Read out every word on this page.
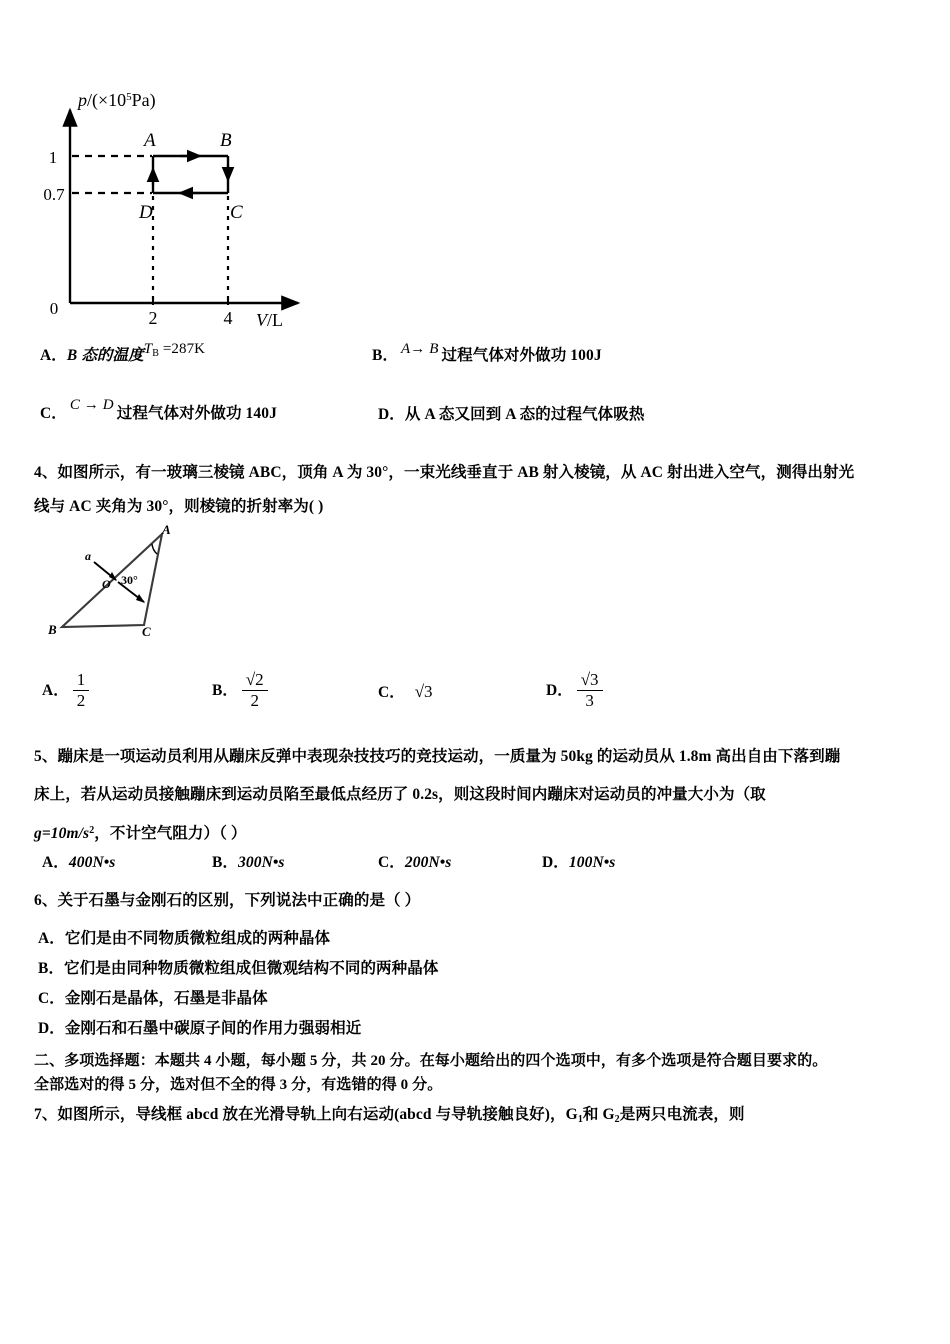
A	B
C
D
1
0.7
0	2	4
$p/(\times 10^5Pa)$
V/L
A．B 态的温度$T_B =287K$	B． A→ B 过程气体对外做功 100J
C． C → D 过程气体对外做功 140J	D．从 A 态又回到 A 态的过程气体吸热
4、如图所示，有一玻璃三棱镜 ABC，顶角 A 为 30°，一束光线垂直于 AB 射入棱镜，从 AC 射出进入空气，测得出射光
线与 AC 夹角为 30°，则棱镜的折射率为( )
A
B	C
O
a
30°
A． $\frac{1}{2}$	B． $\frac{√2}{2}$	C． √3	D． $\frac{√3}{3}$
5、蹦床是一项运动员利用从蹦床反弹中表现杂技技巧的竞技运动，一质量为 50kg 的运动员从 1.8m 高出自由下落到蹦
床上，若从运动员接触蹦床到运动员陷至最低点经历了 0.2s，则这段时间内蹦床对运动员的冲量大小为（取
$g=10m/s^2$，不计空气阻力）（ ）
A．400N•s	B．300N•s	C．200N•s	D．100N•s
6、关于石墨与金刚石的区别，下列说法中正确的是（ ）
A．它们是由不同物质微粒组成的两种晶体
B．它们是由同种物质微粒组成但微观结构不同的两种晶体
C．金刚石是晶体，石墨是非晶体
D．金刚石和石墨中碳原子间的作用力强弱相近
二、多项选择题：本题共 4 小题，每小题 5 分，共 20 分。在每小题给出的四个选项中，有多个选项是符合题目要求的。
全部选对的得 5 分，选对但不全的得 3 分，有选错的得 0 分。
7、如图所示，导线框 abcd 放在光滑导轨上向右运动(abcd 与导轨接触良好)，G1和 G2是两只电流表，则
